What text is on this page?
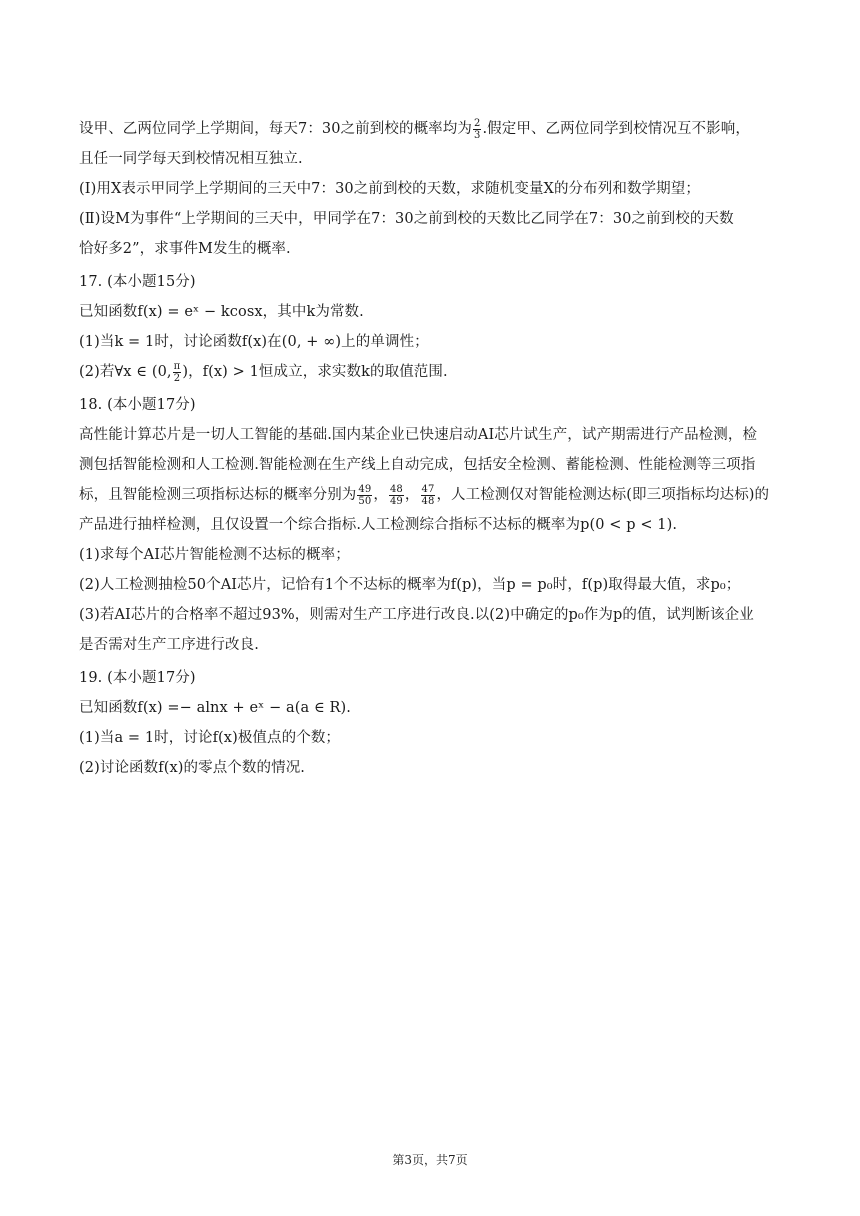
设甲、乙两位同学上学期间，每天7：30之前到校的概率均为 $\frac{2}{3}$ .假定甲、乙两位同学到校情况互不影响，

且任一同学每天到校情况相互独立.

(Ⅰ)用X表示甲同学上学期间的三天中7：30之前到校的天数，求随机变量X的分布列和数学期望；

(Ⅱ)设M为事件“上学期间的三天中，甲同学在7：30之前到校的天数比乙同学在7：30之前到校的天数

恰好多2”，求事件M发生的概率.

17. (本小题15分)

已知函数f(x) = eˣ − kcosx，其中k为常数.

(1)当k = 1时，讨论函数f(x)在(0, + ∞)上的单调性；

(2)若∀x ∈ (0, $\frac{\pi}{2}$ )，f(x) > 1恒成立，求实数k的取值范围.

18. (本小题17分)

高性能计算芯片是一切人工智能的基础.国内某企业已快速启动AI芯片试生产，试产期需进行产品检测，检

测包括智能检测和人工检测.智能检测在生产线上自动完成，包括安全检测、蓄能检测、性能检测等三项指

标，且智能检测三项指标达标的概率分别为 $\frac{49}{50}$ ， $\frac{48}{49}$ ， $\frac{47}{48}$ ，人工检测仅对智能检测达标(即三项指标均达标)的

产品进行抽样检测，且仅设置一个综合指标.人工检测综合指标不达标的概率为p(0 < p < 1).

(1)求每个AI芯片智能检测不达标的概率；

(2)人工检测抽检50个AI芯片，记恰有1个不达标的概率为f(p)，当p = p₀时，f(p)取得最大值，求p₀；

(3)若AI芯片的合格率不超过93%，则需对生产工序进行改良.以(2)中确定的p₀作为p的值，试判断该企业

是否需对生产工序进行改良.

19. (本小题17分)

已知函数f(x) =− alnx + eˣ − a(a ∈ R).

(1)当a = 1时，讨论f(x)极值点的个数；

(2)讨论函数f(x)的零点个数的情况.

第3页，共7页
